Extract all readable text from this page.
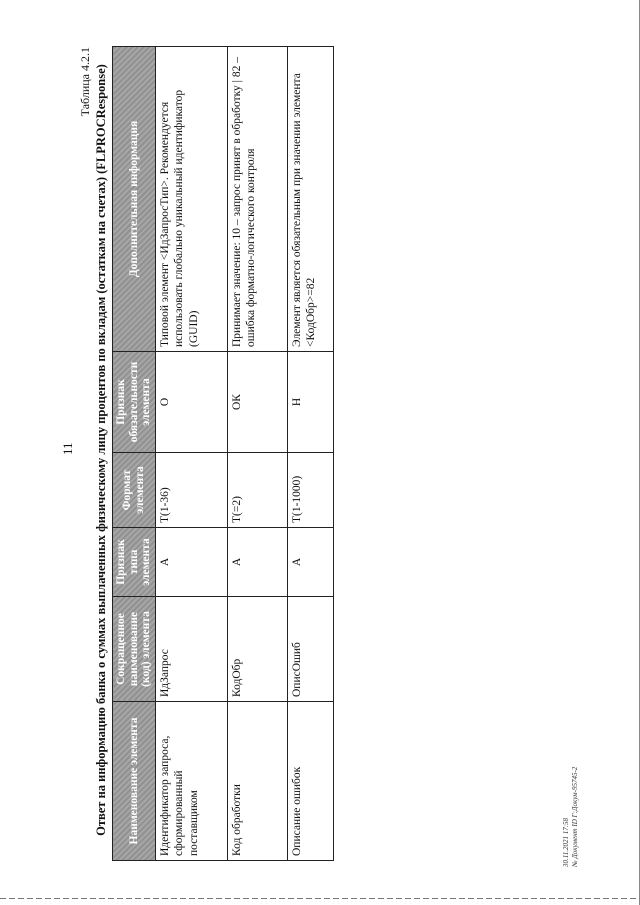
11
Таблица 4.2.1 Ответ на информацию банка о суммах выплаченных физическому лицу процентов по вкладам (остаткам на счетах) (FLPROCResponse) Наименование элемента	Сокращенное наименование (код) элемента	Признак типа элемента	Формат элемента	Признак обязательности элемента	Дополнительная информация
Идентификатор запроса, сформированный поставщиком	ИдЗапрос	А	T(1-36)	О	Типовой элемент <ИдЗапросТип>. Рекомендуется использовать глобально уникальный идентификатор (GUID)
Код обработки	КодОбр	А	T(=2)	ОК	Принимает значение: 10 – запрос принят в обработку | 82 – ошибка форматно-логического контроля
Описание ошибок	ОписОшиб	А	T(1-1000)	Н	Элемент является обязательным при значении элемента <КодОбр>=82
30.11.2021 17:58 № Документ ID Г:Докум-95745-2
